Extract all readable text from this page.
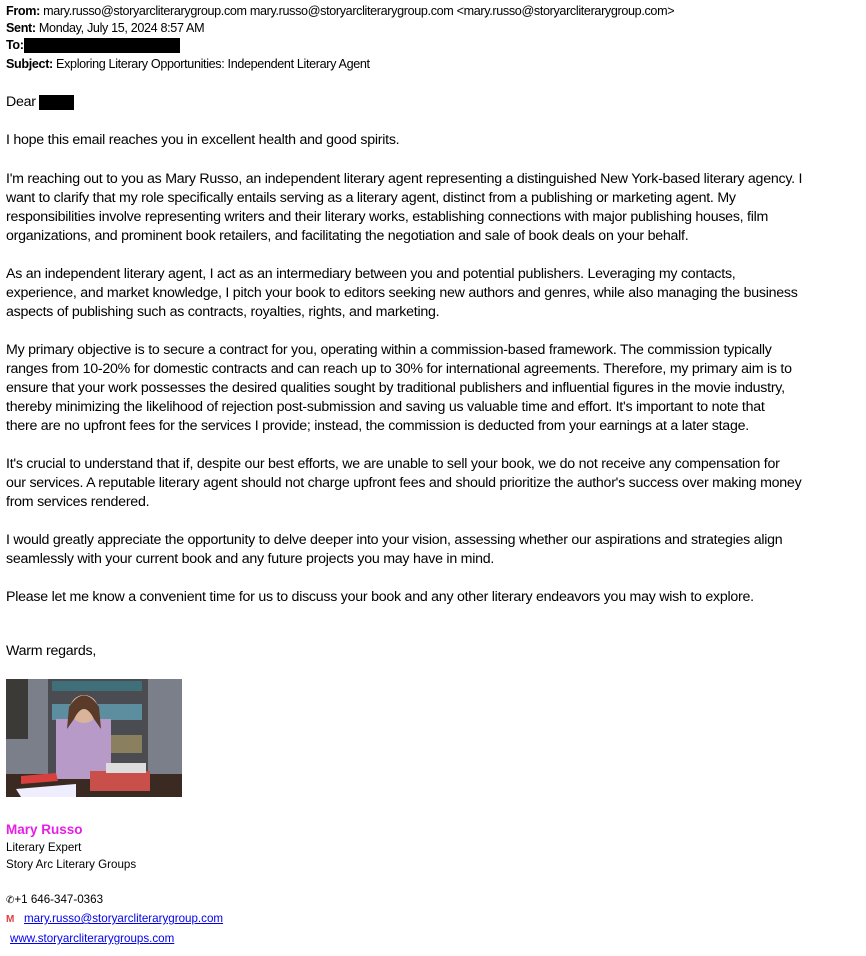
From: mary.russo@storyarcliterarygroup.com mary.russo@storyarcliterarygroup.com <mary.russo@storyarcliterarygroup.com>
Sent: Monday, July 15, 2024 8:57 AM
To:
Subject: Exploring Literary Opportunities: Independent Literary Agent
Dear
I hope this email reaches you in excellent health and good spirits.
I'm reaching out to you as Mary Russo, an independent literary agent representing a distinguished New York-based literary agency. I
want to clarify that my role specifically entails serving as a literary agent, distinct from a publishing or marketing agent. My
responsibilities involve representing writers and their literary works, establishing connections with major publishing houses, film
organizations, and prominent book retailers, and facilitating the negotiation and sale of book deals on your behalf.
As an independent literary agent, I act as an intermediary between you and potential publishers. Leveraging my contacts,
experience, and market knowledge, I pitch your book to editors seeking new authors and genres, while also managing the business
aspects of publishing such as contracts, royalties, rights, and marketing.
My primary objective is to secure a contract for you, operating within a commission-based framework. The commission typically
ranges from 10-20% for domestic contracts and can reach up to 30% for international agreements. Therefore, my primary aim is to
ensure that your work possesses the desired qualities sought by traditional publishers and influential figures in the movie industry,
thereby minimizing the likelihood of rejection post-submission and saving us valuable time and effort. It's important to note that
there are no upfront fees for the services I provide; instead, the commission is deducted from your earnings at a later stage.
It's crucial to understand that if, despite our best efforts, we are unable to sell your book, we do not receive any compensation for
our services. A reputable literary agent should not charge upfront fees and should prioritize the author's success over making money
from services rendered.
I would greatly appreciate the opportunity to delve deeper into your vision, assessing whether our aspirations and strategies align
seamlessly with your current book and any future projects you may have in mind.
Please let me know a convenient time for us to discuss your book and any other literary endeavors you may wish to explore.
Warm regards,
Mary Russo
Literary Expert
Story Arc Literary Groups
✆+1 646-347-0363
M mary.russo@storyarcliterarygroup.com
www.storyarcliterarygroups.com
